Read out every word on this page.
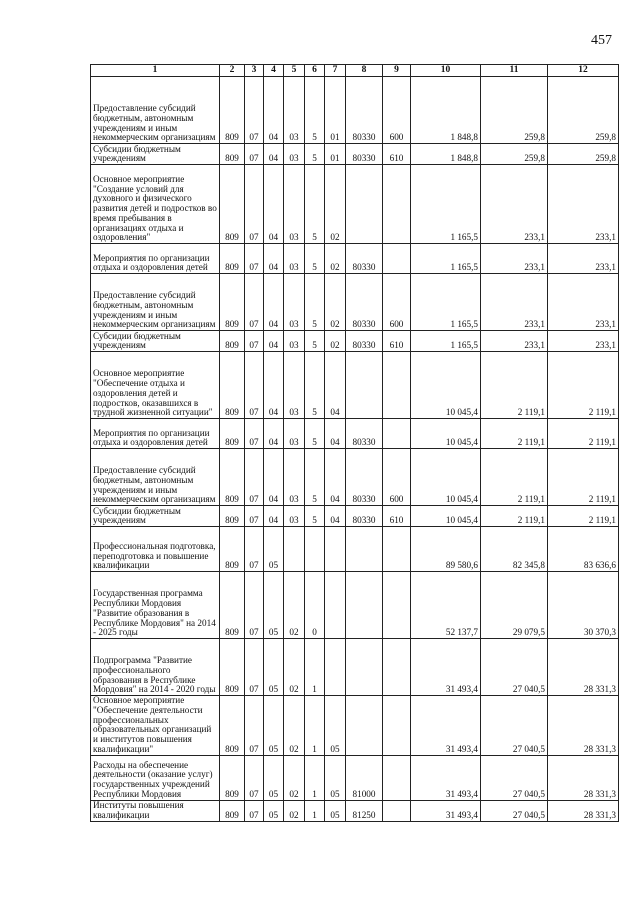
457
1	2	3	4	5	6	7	8	9	10	11	12
Предоставление субсидий бюджетным, автономным учреждениям и иным некоммерческим организациям	809	07	04	03	5	01	80330	600	1 848,8	259,8	259,8
Субсидии бюджетным учреждениям	809	07	04	03	5	01	80330	610	1 848,8	259,8	259,8
Основное мероприятие "Создание условий для духовного и физического развития детей и подростков во время пребывания в организациях отдыха и оздоровления"	809	07	04	03	5	02			1 165,5	233,1	233,1
Мероприятия по организации отдыха и оздоровления детей	809	07	04	03	5	02	80330		1 165,5	233,1	233,1
Предоставление субсидий бюджетным, автономным учреждениям и иным некоммерческим организациям	809	07	04	03	5	02	80330	600	1 165,5	233,1	233,1
Субсидии бюджетным учреждениям	809	07	04	03	5	02	80330	610	1 165,5	233,1	233,1
Основное мероприятие "Обеспечение отдыха и оздоровления детей и подростков, оказавшихся в трудной жизненной ситуации"	809	07	04	03	5	04			10 045,4	2 119,1	2 119,1
Мероприятия по организации отдыха и оздоровления детей	809	07	04	03	5	04	80330		10 045,4	2 119,1	2 119,1
Предоставление субсидий бюджетным, автономным учреждениям и иным некоммерческим организациям	809	07	04	03	5	04	80330	600	10 045,4	2 119,1	2 119,1
Субсидии бюджетным учреждениям	809	07	04	03	5	04	80330	610	10 045,4	2 119,1	2 119,1
Профессиональная подготовка, переподготовка и повышение квалификации	809	07	05						89 580,6	82 345,8	83 636,6
Государственная программа Республики Мордовия "Развитие образования в Республике Мордовия" на 2014 - 2025 годы	809	07	05	02	0				52 137,7	29 079,5	30 370,3
Подпрограмма "Развитие профессионального образования в Республике Мордовия" на 2014 - 2020 годы	809	07	05	02	1				31 493,4	27 040,5	28 331,3
Основное мероприятие "Обеспечение деятельности профессиональных образовательных организаций и институтов повышения квалификации"	809	07	05	02	1	05			31 493,4	27 040,5	28 331,3
Расходы на обеспечение деятельности (оказание услуг) государственных учреждений Республики Мордовия	809	07	05	02	1	05	81000		31 493,4	27 040,5	28 331,3
Институты повышения квалификации	809	07	05	02	1	05	81250		31 493,4	27 040,5	28 331,3
